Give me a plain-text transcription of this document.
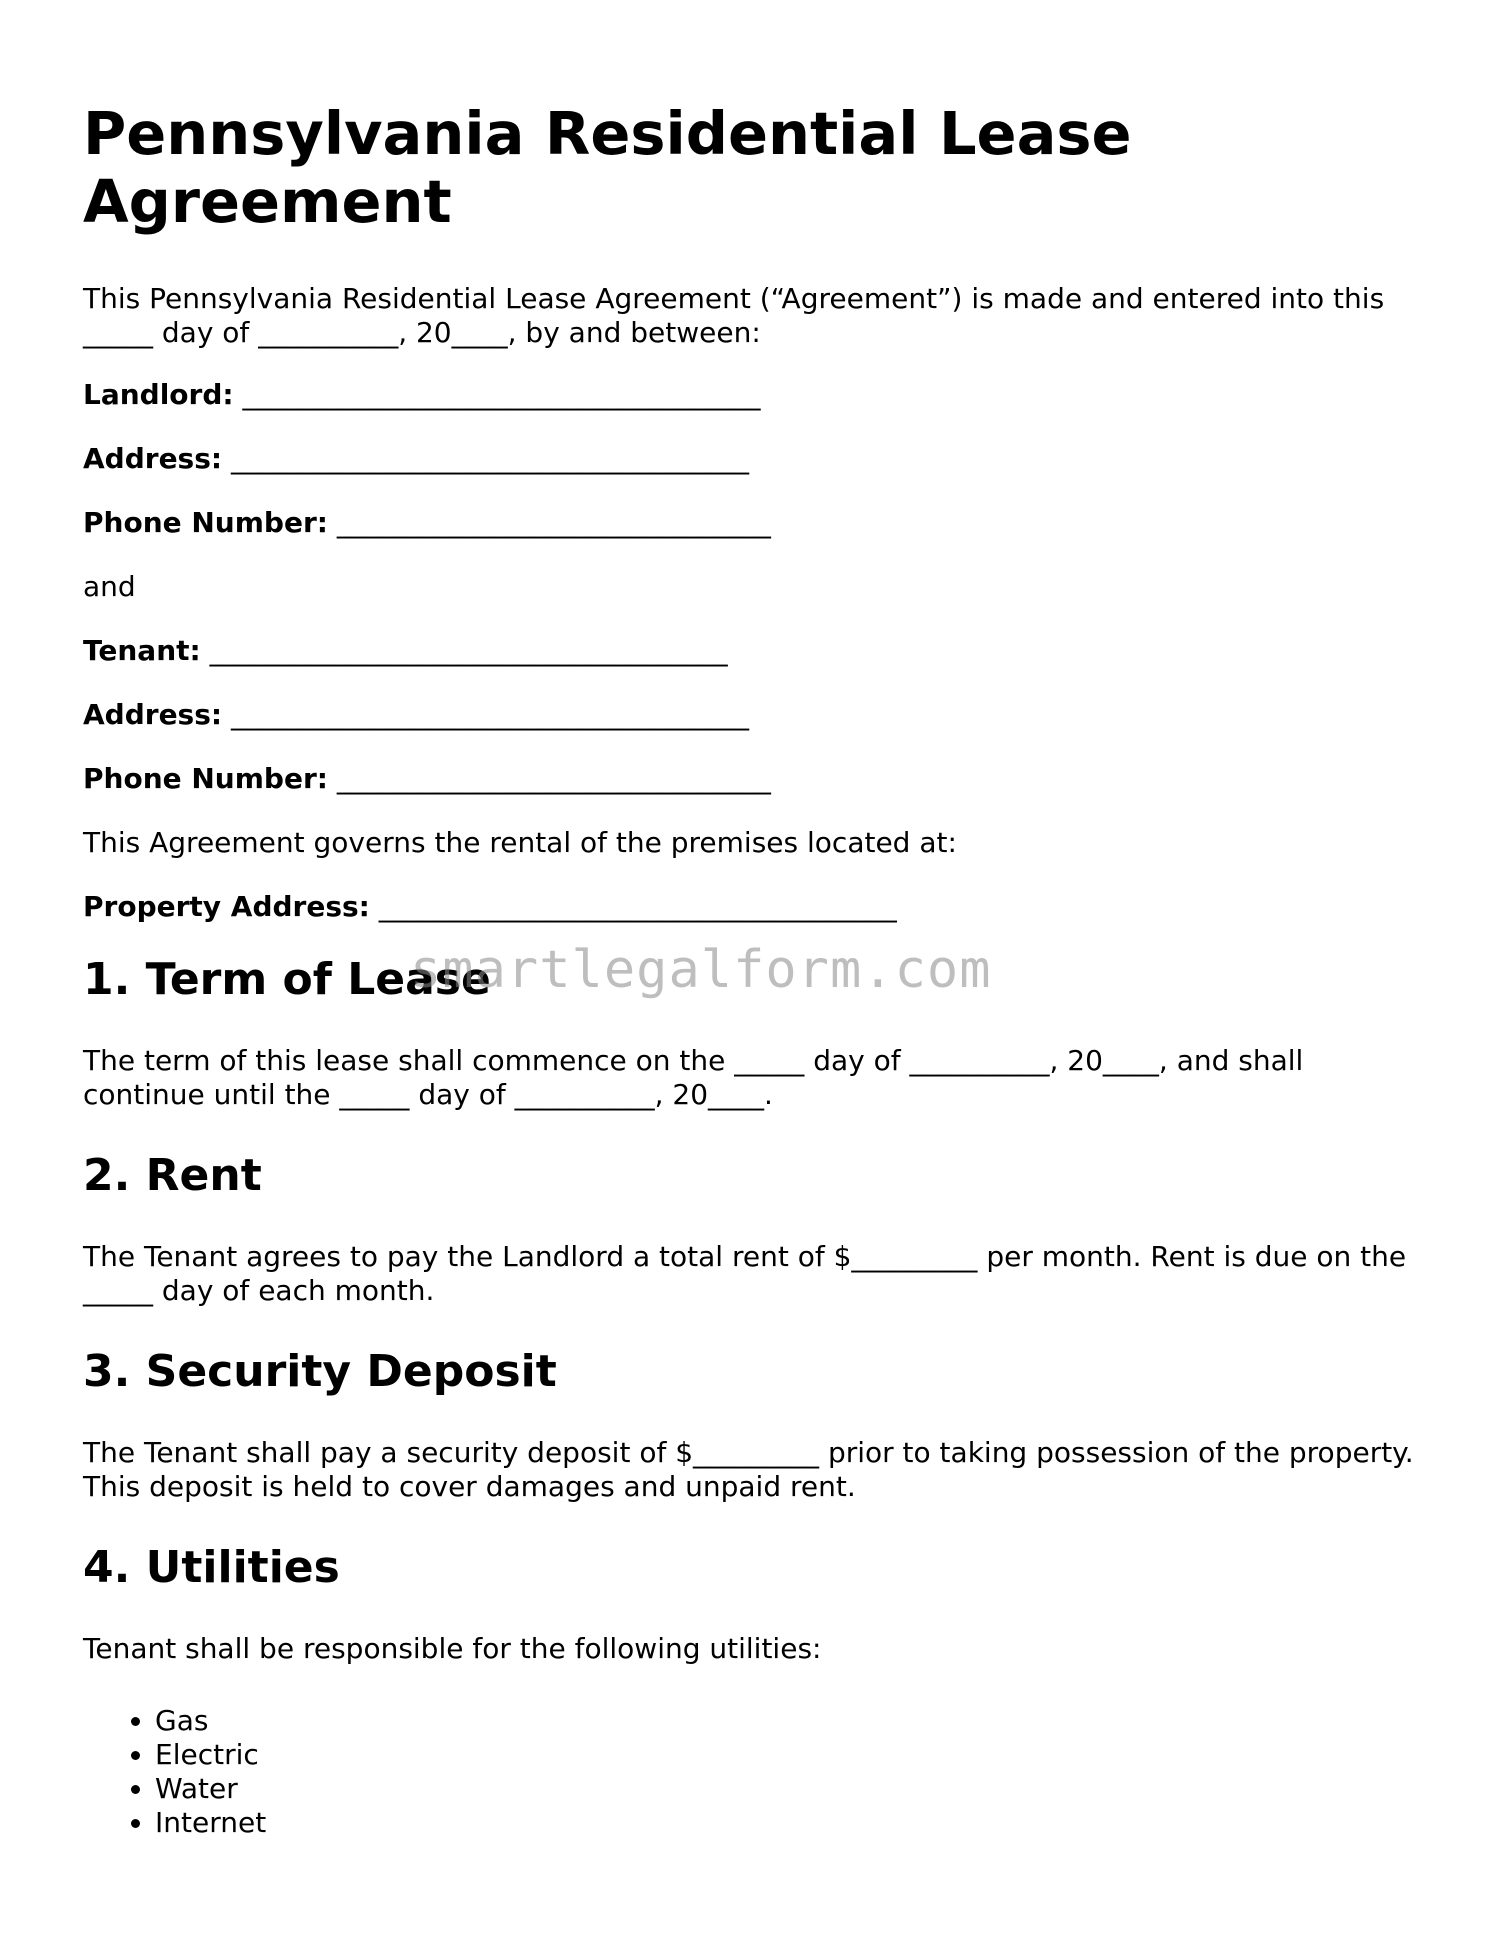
Pennsylvania Residential Lease Agreement

This Pennsylvania Residential Lease Agreement (“Agreement”) is made and entered into this _____ day of __________, 20____, by and between:

Landlord: _____________________________________
Address: _____________________________________
Phone Number: _______________________________

and

Tenant: _____________________________________
Address: _____________________________________
Phone Number: _______________________________

This Agreement governs the rental of the premises located at:

Property Address: _____________________________________
1. Term of Lease

The term of this lease shall commence on the _____ day of __________, 20____, and shall continue until the _____ day of __________, 20____.

2. Rent

The Tenant agrees to pay the Landlord a total rent of $_________ per month. Rent is due on the _____ day of each month.

3. Security Deposit

The Tenant shall pay a security deposit of $_________ prior to taking possession of the property. This deposit is held to cover damages and unpaid rent.

4. Utilities

Tenant shall be responsible for the following utilities:

• Gas
• Electric
• Water
• Internet
smartlegalform.com
